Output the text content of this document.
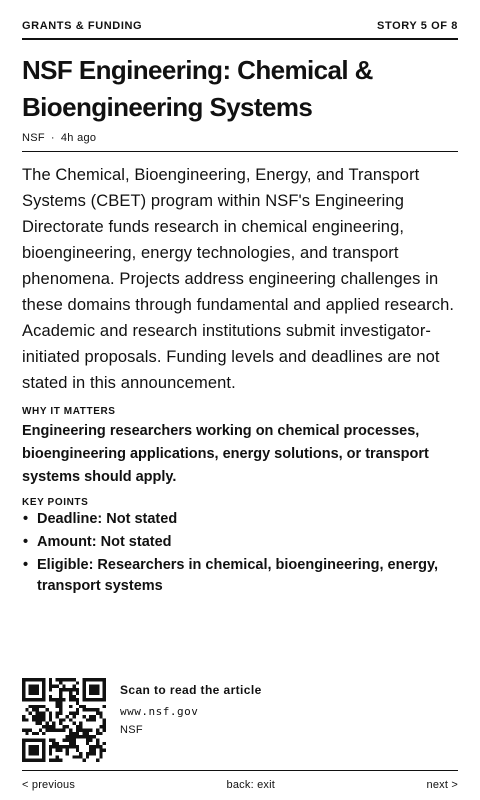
GRANTS & FUNDING	STORY 5 OF 8
NSF Engineering: Chemical & Bioengineering Systems
NSF · 4h ago

The Chemical, Bioengineering, Energy, and Transport Systems (CBET) program within NSF's Engineering Directorate funds research in chemical engineering, bioengineering, energy technologies, and transport phenomena. Projects address engineering challenges in these domains through fundamental and applied research. Academic and research institutions submit investigator-initiated proposals. Funding levels and deadlines are not stated in this announcement.

WHY IT MATTERS

Engineering researchers working on chemical processes, bioengineering applications, energy solutions, or transport systems should apply.

KEY POINTS
• Deadline: Not stated
• Amount: Not stated
• Eligible: Researchers in chemical, bioengineering, energy, transport systems
Scan to read the article
www.nsf.gov
NSF
< previous	back: exit	next >
